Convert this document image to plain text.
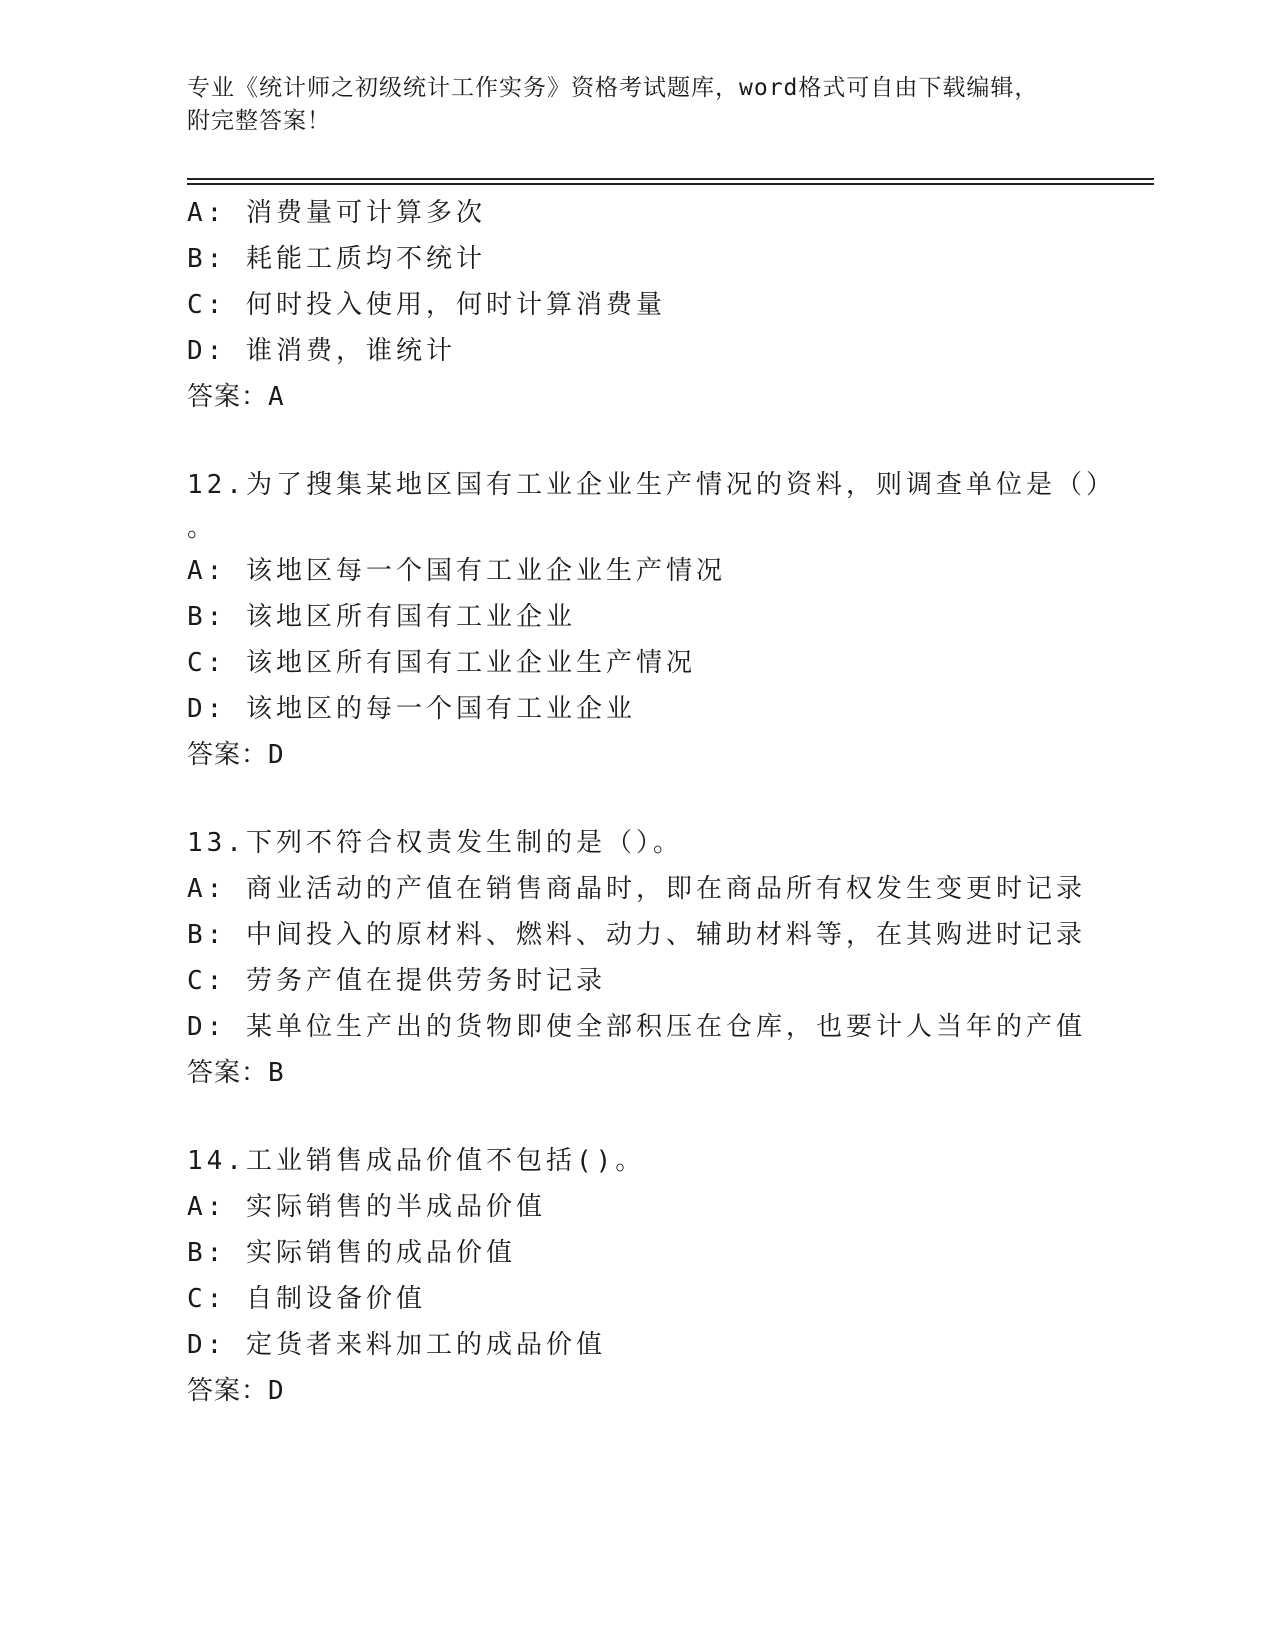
专业《统计师之初级统计工作实务》资格考试题库，word格式可自由下载编辑，
附完整答案！
A: 消费量可计算多次
B: 耗能工质均不统计
C: 何时投入使用，何时计算消费量
D: 谁消费，谁统计
答案：A
12.为了搜集某地区国有工业企业生产情况的资料，则调查单位是（）
。
A: 该地区每一个国有工业企业生产情况
B: 该地区所有国有工业企业
C: 该地区所有国有工业企业生产情况
D: 该地区的每一个国有工业企业
答案：D
13.下列不符合权责发生制的是（）。
A: 商业活动的产值在销售商晶时，即在商品所有权发生变更时记录
B: 中间投入的原材料、燃料、动力、辅助材料等，在其购进时记录
C: 劳务产值在提供劳务时记录
D: 某单位生产出的货物即使全部积压在仓库，也要计人当年的产值
答案：B
14.工业销售成品价值不包括()。
A: 实际销售的半成品价值
B: 实际销售的成品价值
C: 自制设备价值
D: 定货者来料加工的成品价值
答案：D
